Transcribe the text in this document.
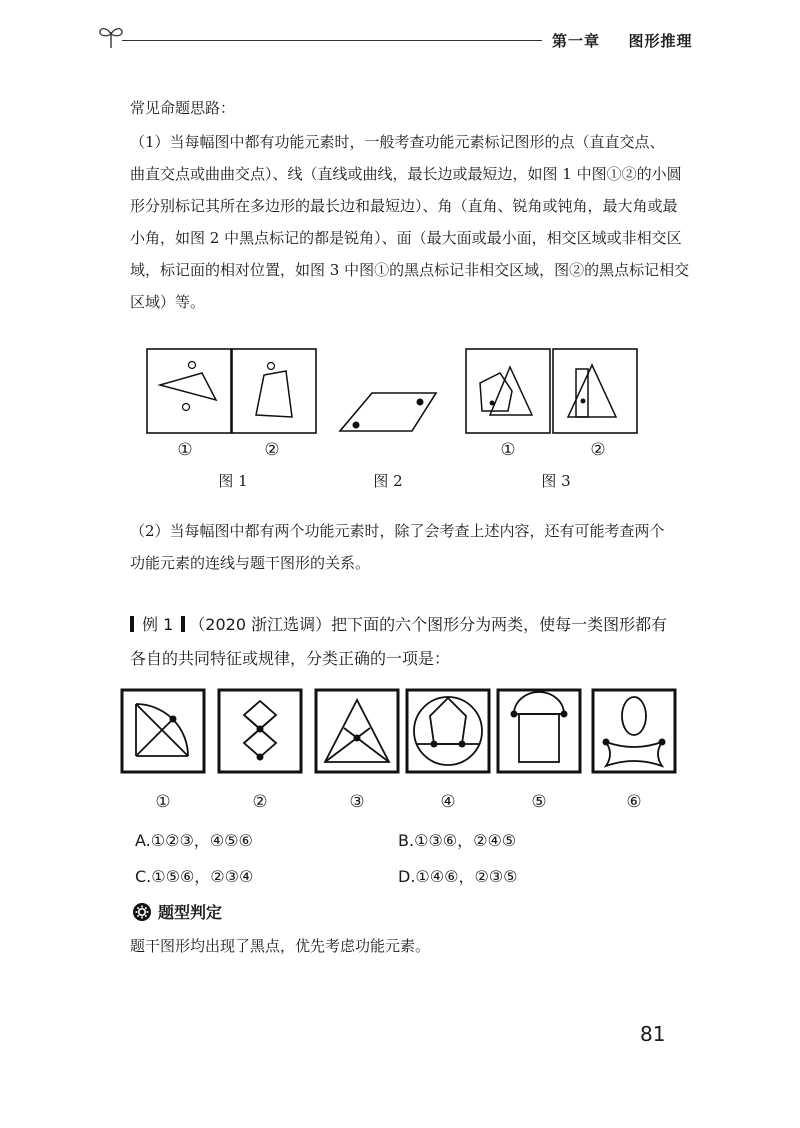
第一章 图形推理
常见命题思路：
（1）当每幅图中都有功能元素时，一般考查功能元素标记图形的点（直直交点、
曲直交点或曲曲交点）、线（直线或曲线，最长边或最短边，如图 1 中图①②的小圆
形分别标记其所在多边形的最长边和最短边）、角（直角、锐角或钝角，最大角或最
小角，如图 2 中黑点标记的都是锐角）、面（最大面或最小面，相交区域或非相交区
域，标记面的相对位置，如图 3 中图①的黑点标记非相交区域，图②的黑点标记相交
区域）等。
①	②	①	②
图 1	图 2	图 3
（2）当每幅图中都有两个功能元素时，除了会考查上述内容，还有可能考查两个
功能元素的连线与题干图形的关系。
例 1 （2020 浙江选调）把下面的六个图形分为两类，使每一类图形都有
各自的共同特征或规律，分类正确的一项是：
①	②	③	④	⑤	⑥
A.①②③，④⑤⑥	B.①③⑥，②④⑤
C.①⑤⑥，②③④	D.①④⑥，②③⑤
题型判定
题干图形均出现了黑点，优先考虑功能元素。
81
